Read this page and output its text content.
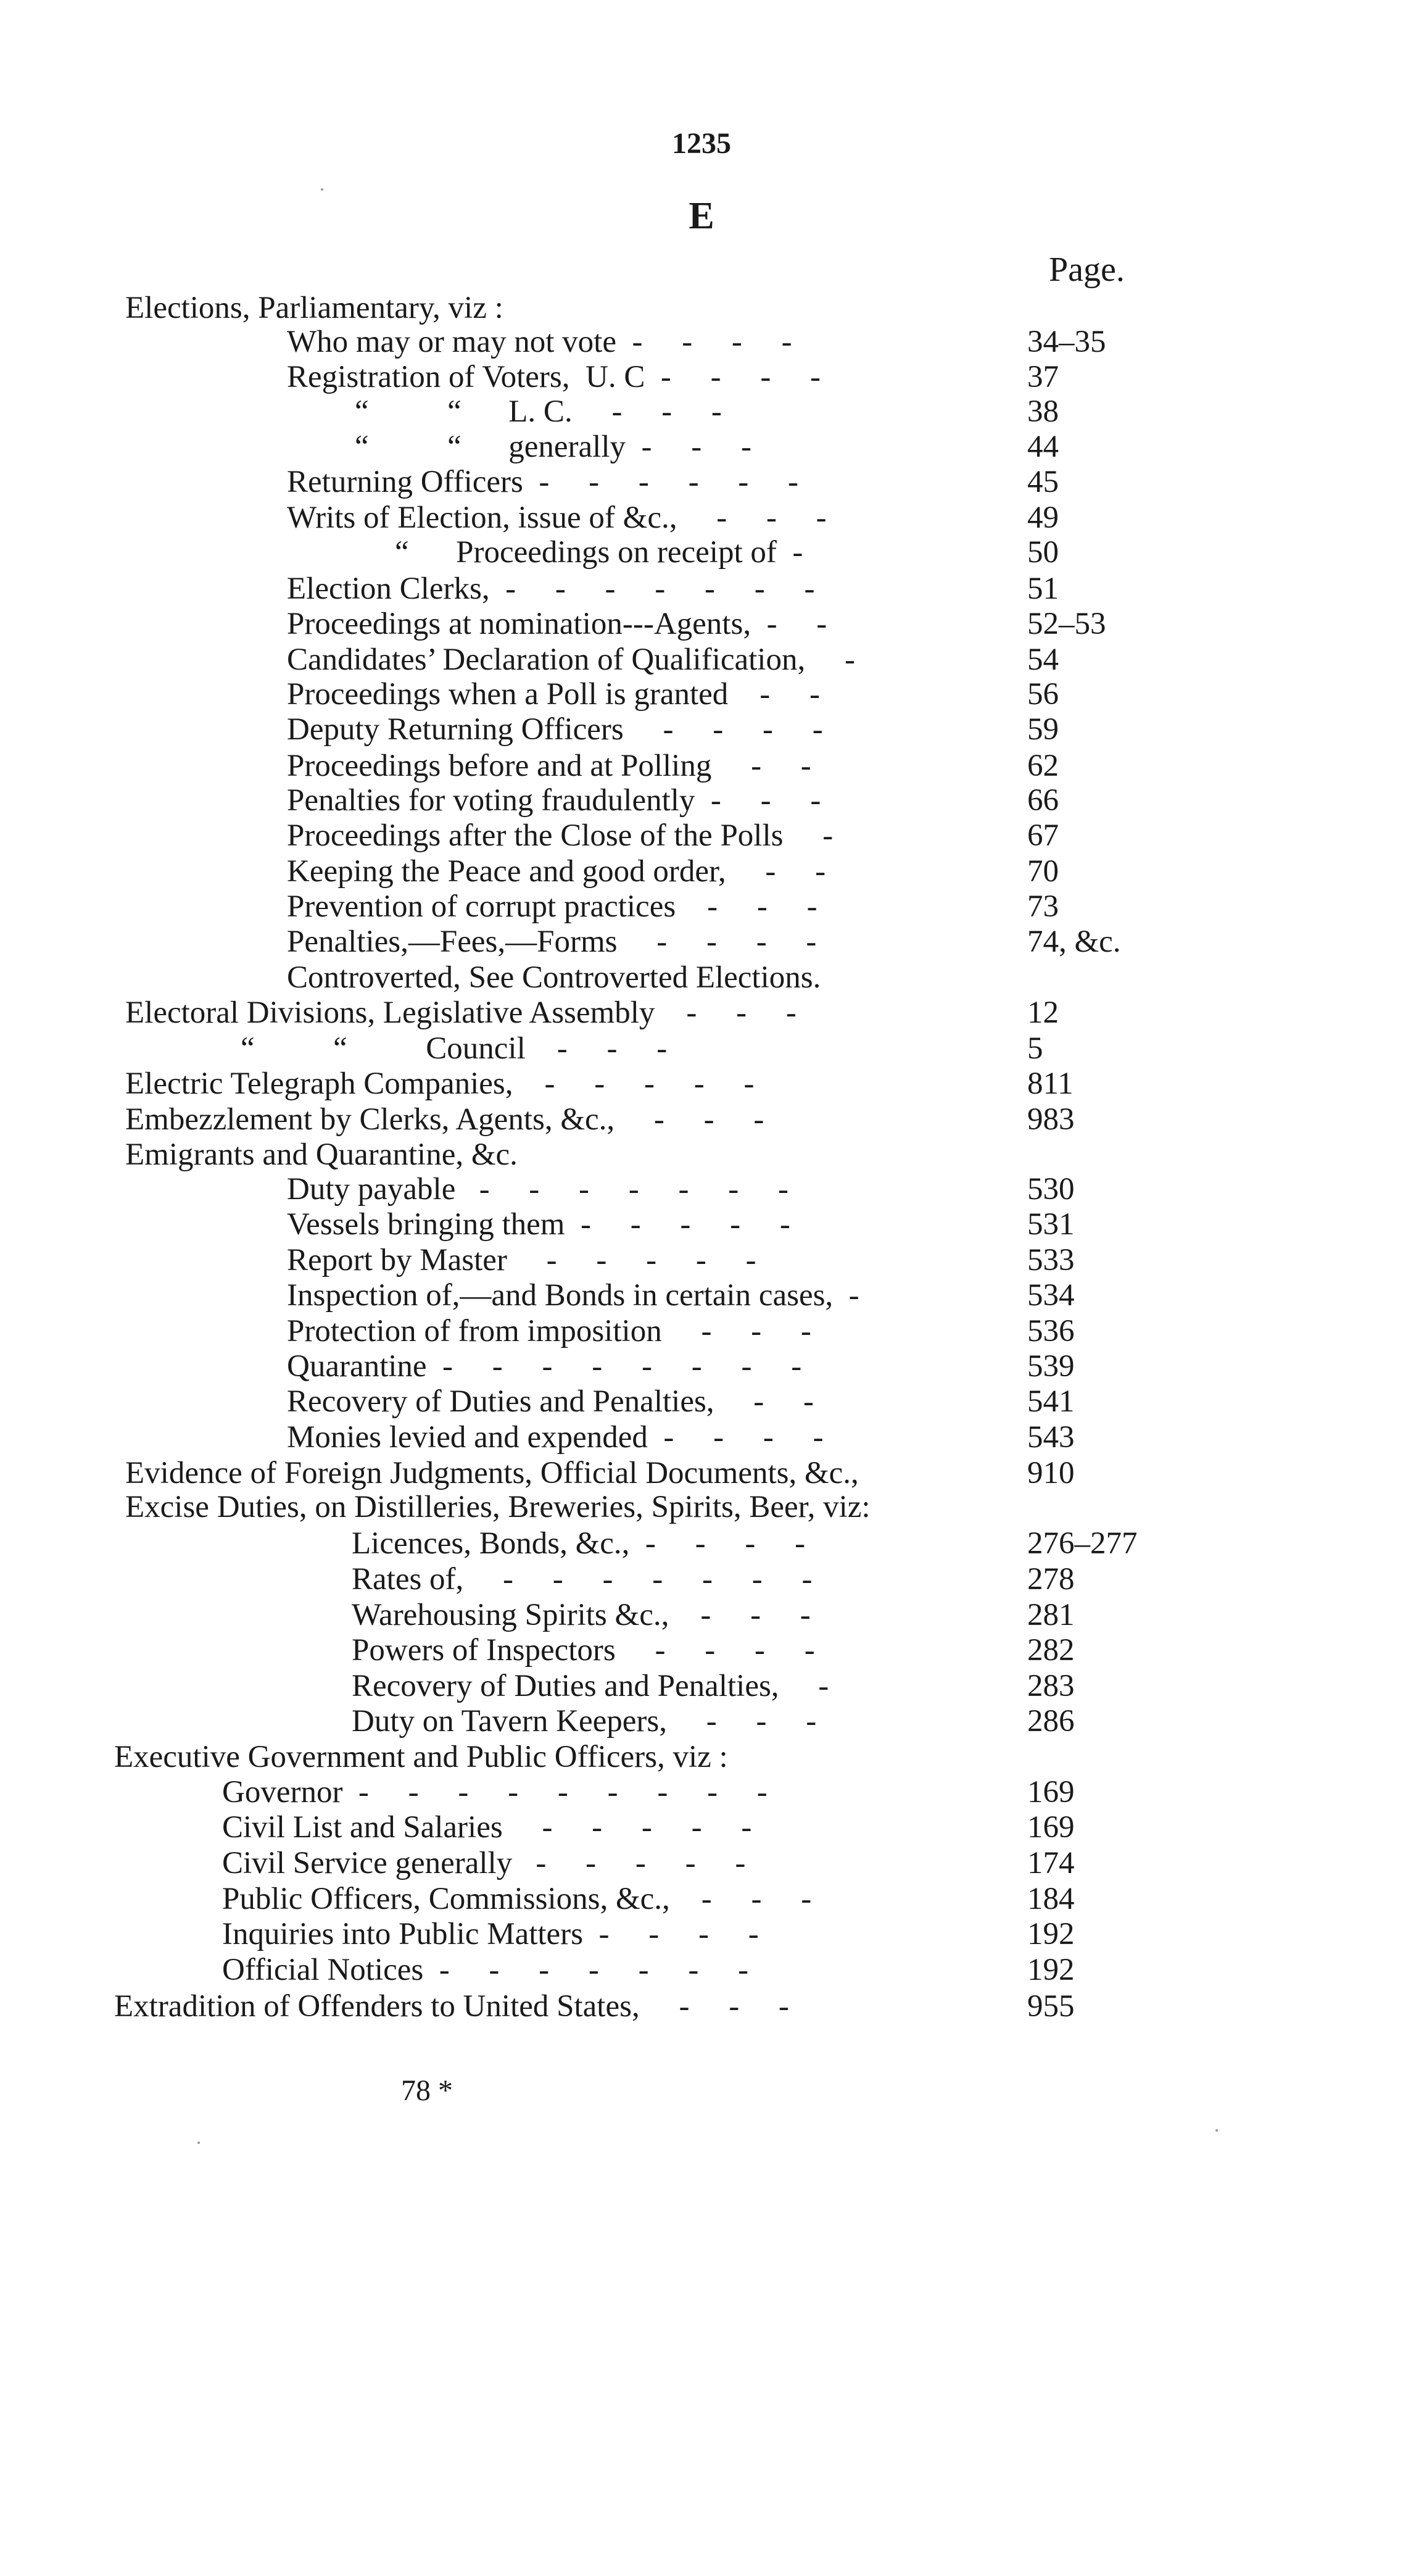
1235
E
Page.
Elections, Parliamentary, viz :
Who may or may not vote  -     -     -     -	34–35
Registration of Voters,  U. C  -     -     -     -	37
“          “      L. C.     -     -     -	38
“          “      generally  -     -     -	44
Returning Officers  -     -     -     -     -     -	45
Writs of Election, issue of &c.,     -     -     -	49
“      Proceedings on receipt of  -	50
Election Clerks,  -     -     -     -     -     -     -	51
Proceedings at nomination---Agents,  -     -	52–53
Candidates’ Declaration of Qualification,     -	54
Proceedings when a Poll is granted    -     -	56
Deputy Returning Officers     -     -     -     -	59
Proceedings before and at Polling     -     -	62
Penalties for voting fraudulently  -     -     -	66
Proceedings after the Close of the Polls     -	67
Keeping the Peace and good order,     -     -	70
Prevention of corrupt practices    -     -     -	73
Penalties,—Fees,—Forms     -     -     -     -	74, &c.
Controverted, See Controverted Elections.
Electoral Divisions, Legislative Assembly    -     -     -	12
“          “          Council    -     -     -	5
Electric Telegraph Companies,    -     -     -     -     -	811
Embezzlement by Clerks, Agents, &c.,     -     -     -	983
Emigrants and Quarantine, &c.
Duty payable   -     -     -     -     -     -     -	530
Vessels bringing them  -     -     -     -     -	531
Report by Master     -     -     -     -     -	533
Inspection of,—and Bonds in certain cases,  -	534
Protection of from imposition     -     -     -	536
Quarantine  -     -     -     -     -     -     -     -	539
Recovery of Duties and Penalties,     -     -	541
Monies levied and expended  -     -     -     -	543
Evidence of Foreign Judgments, Official Documents, &c.,	910
Excise Duties, on Distilleries, Breweries, Spirits, Beer, viz:
Licences, Bonds, &c.,  -     -     -     -	276–277
Rates of,     -     -     -     -     -     -     -	278
Warehousing Spirits &c.,    -     -     -	281
Powers of Inspectors     -     -     -     -	282
Recovery of Duties and Penalties,     -	283
Duty on Tavern Keepers,     -     -     -	286
Executive Government and Public Officers, viz :
Governor  -     -     -     -     -     -     -     -     -	169
Civil List and Salaries     -     -     -     -     -	169
Civil Service generally   -     -     -     -     -	174
Public Officers, Commissions, &c.,    -     -     -	184
Inquiries into Public Matters  -     -     -     -	192
Official Notices  -     -     -     -     -     -     -	192
Extradition of Offenders to United States,     -     -     -	955
78 *
